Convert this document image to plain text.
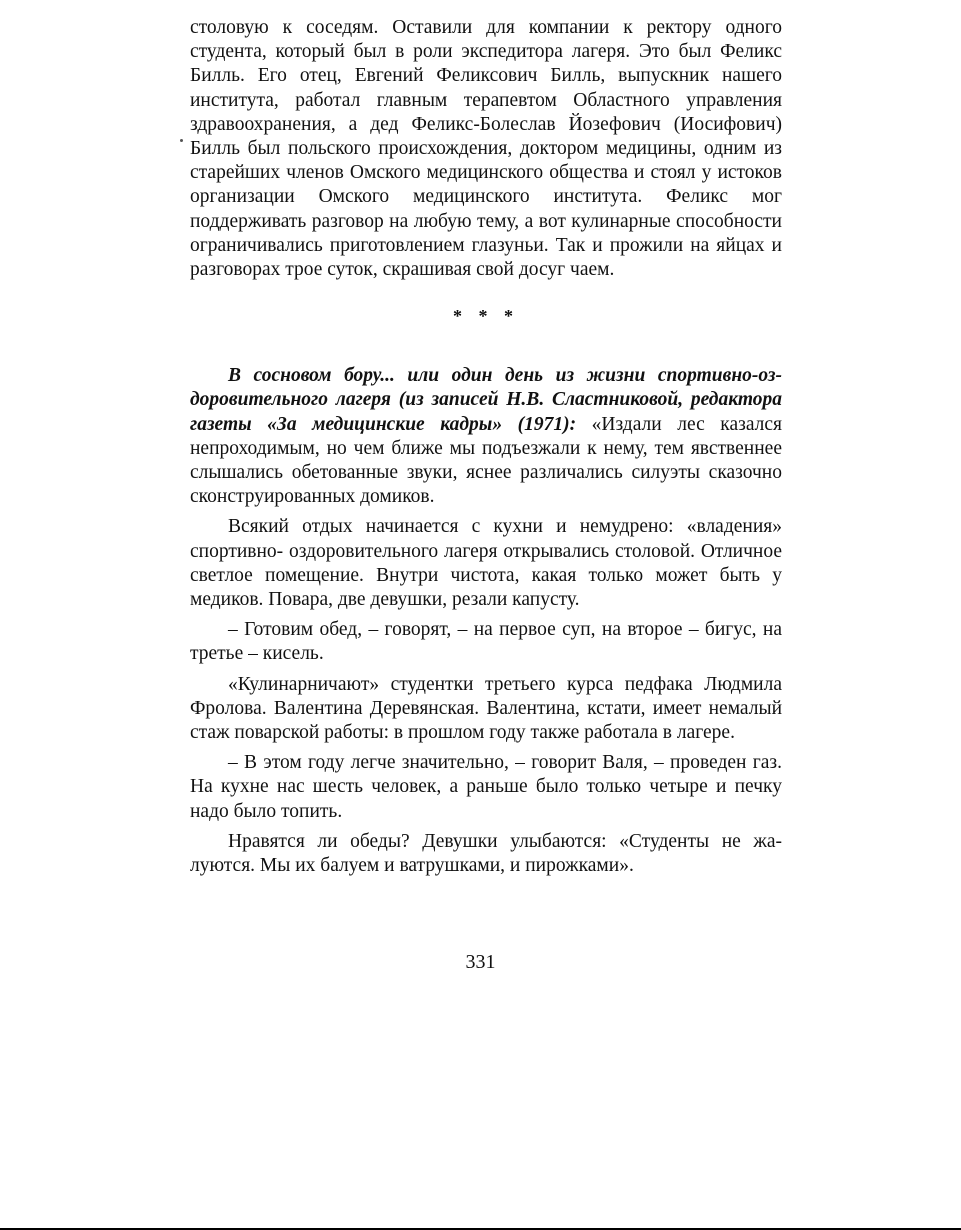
столовую к соседям. Оставили для компании к ректору одного студента, который был в роли экспедитора лагеря. Это был Феликс Билль. Его отец, Евгений Феликсович Билль, выпускник нашего института, работал главным терапевтом Областного управления здравоохранения, а дед Феликс-Болеслав Йозефович (Иосифович) Билль был польского происхождения, доктором медицины, одним из старейших членов Омского медицинского общества и стоял у истоков организации Омского медицинского института. Феликс мог поддерживать разговор на любую тему, а вот кулинарные способности ограничивались приготовлением глазуньи. Так и прожили на яйцах и разговорах трое суток, скрашивая свой досуг чаем.

* * *

В сосновом бору... или один день из жизни спортивно-оздоровительного лагеря (из записей Н.В. Сластниковой, редактора газеты «За медицинские кадры» (1971): «Издали лес казался непроходимым, но чем ближе мы подъезжали к нему, тем явственнее слышались обетованные звуки, яснее различались силуэты сказочно сконструированных домиков.

Всякий отдых начинается с кухни и немудрено: «владения» спортивно- оздоровительного лагеря открывались столовой. Отличное светлое помещение. Внутри чистота, какая только может быть у медиков. Повара, две девушки, резали капусту.

– Готовим обед, – говорят, – на первое суп, на второе – бигус, на третье – кисель.

«Кулинарничают» студентки третьего курса педфака Людмила Фролова. Валентина Деревянская. Валентина, кстати, имеет немалый стаж поварской работы: в прошлом году также работала в лагере.

– В этом году легче значительно, – говорит Валя, – проведен газ. На кухне нас шесть человек, а раньше было только четыре и печку надо было топить.

Нравятся ли обеды? Девушки улыбаются: «Студенты не жалуются. Мы их балуем и ватрушками, и пирожками».

331
